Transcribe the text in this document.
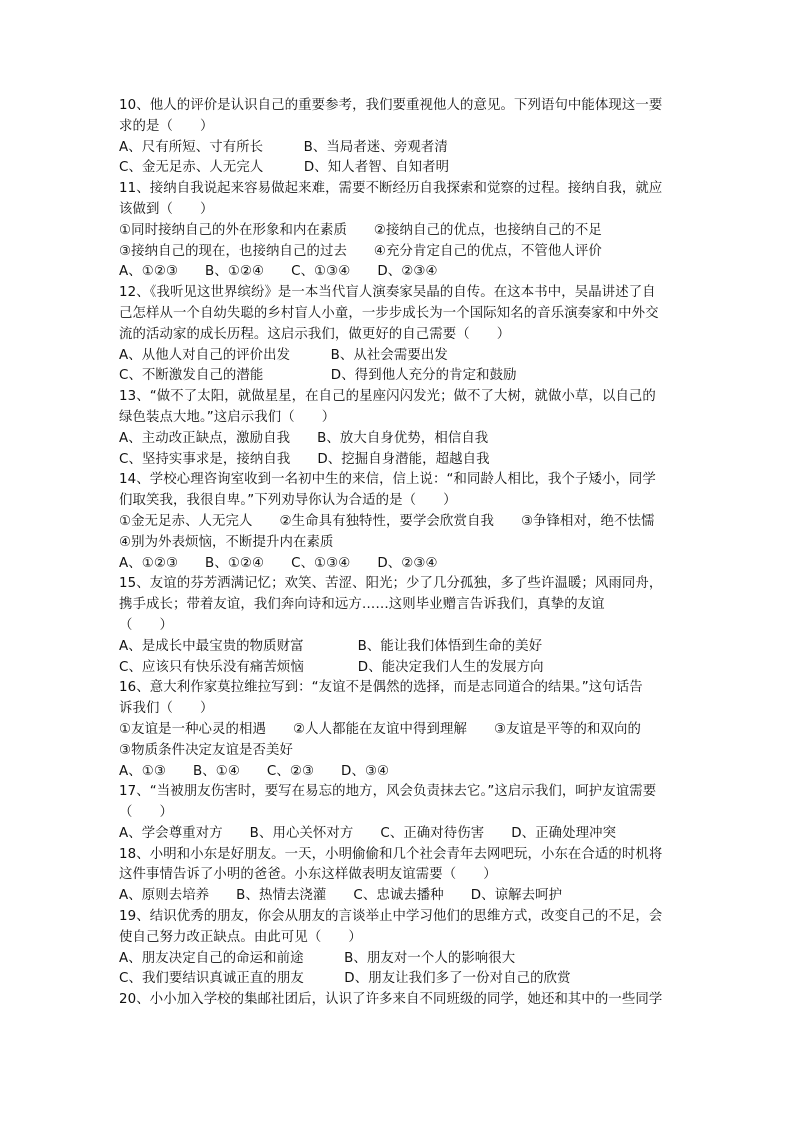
10、他人的评价是认识自己的重要参考，我们要重视他人的意见。下列语句中能体现这一要
求的是（　　）
A、尺有所短、寸有所长　　　B、当局者迷、旁观者清
C、金无足赤、人无完人　　　D、知人者智、自知者明
11、接纳自我说起来容易做起来难，需要不断经历自我探索和觉察的过程。接纳自我，就应
该做到（　　）
①同时接纳自己的外在形象和内在素质　　②接纳自己的优点，也接纳自己的不足
③接纳自己的现在，也接纳自己的过去　　④充分肯定自己的优点，不管他人评价
A、①②③　　B、①②④　　C、①③④　　D、②③④
12、《我听见这世界缤纷》是一本当代盲人演奏家吴晶的自传。在这本书中，吴晶讲述了自
己怎样从一个自幼失聪的乡村盲人小童，一步步成长为一个国际知名的音乐演奏家和中外交
流的活动家的成长历程。这启示我们，做更好的自己需要（　　）
A、从他人对自己的评价出发　　　B、从社会需要出发
C、不断激发自己的潜能　　　　　D、得到他人充分的肯定和鼓励
13、“做不了太阳，就做星星，在自己的星座闪闪发光；做不了大树，就做小草，以自己的
绿色装点大地。”这启示我们（　　）
A、主动改正缺点，激励自我　　B、放大自身优势，相信自我
C、坚持实事求是，接纳自我　　D、挖掘自身潜能，超越自我
14、学校心理咨询室收到一名初中生的来信，信上说：“和同龄人相比，我个子矮小，同学
们取笑我，我很自卑。”下列劝导你认为合适的是（　　）
①金无足赤、人无完人　　②生命具有独特性，要学会欣赏自我　　③争锋相对，绝不怯懦
④别为外表烦恼，不断提升内在素质
A、①②③　　B、①②④　　C、①③④　　D、②③④
15、友谊的芬芳洒满记忆；欢笑、苦涩、阳光；少了几分孤独，多了些许温暖；风雨同舟，
携手成长；带着友谊，我们奔向诗和远方……这则毕业赠言告诉我们，真挚的友谊
（　　）
A、是成长中最宝贵的物质财富　　　　B、能让我们体悟到生命的美好
C、应该只有快乐没有痛苦烦恼　　　　D、能决定我们人生的发展方向
16、意大利作家莫拉维拉写到：“友谊不是偶然的选择，而是志同道合的结果。”这句话告
诉我们（　　）
①友谊是一种心灵的相遇　　②人人都能在友谊中得到理解　　③友谊是平等的和双向的
③物质条件决定友谊是否美好
A、①③　　B、①④　　C、②③　　D、③④
17、“当被朋友伤害时，要写在易忘的地方，风会负责抹去它。”这启示我们，呵护友谊需要
（　　）
A、学会尊重对方　　B、用心关怀对方　　C、正确对待伤害　　D、正确处理冲突
18、小明和小东是好朋友。一天，小明偷偷和几个社会青年去网吧玩，小东在合适的时机将
这件事情告诉了小明的爸爸。小东这样做表明友谊需要（　　）
A、原则去培养　　B、热情去浇灌　　C、忠诚去播种　　D、谅解去呵护
19、结识优秀的朋友，你会从朋友的言谈举止中学习他们的思维方式，改变自己的不足，会
使自己努力改正缺点。由此可见（　　）
A、朋友决定自己的命运和前途　　　B、朋友对一个人的影响很大
C、我们要结识真诚正直的朋友　　　D、朋友让我们多了一份对自己的欣赏
20、小小加入学校的集邮社团后，认识了许多来自不同班级的同学，她还和其中的一些同学
